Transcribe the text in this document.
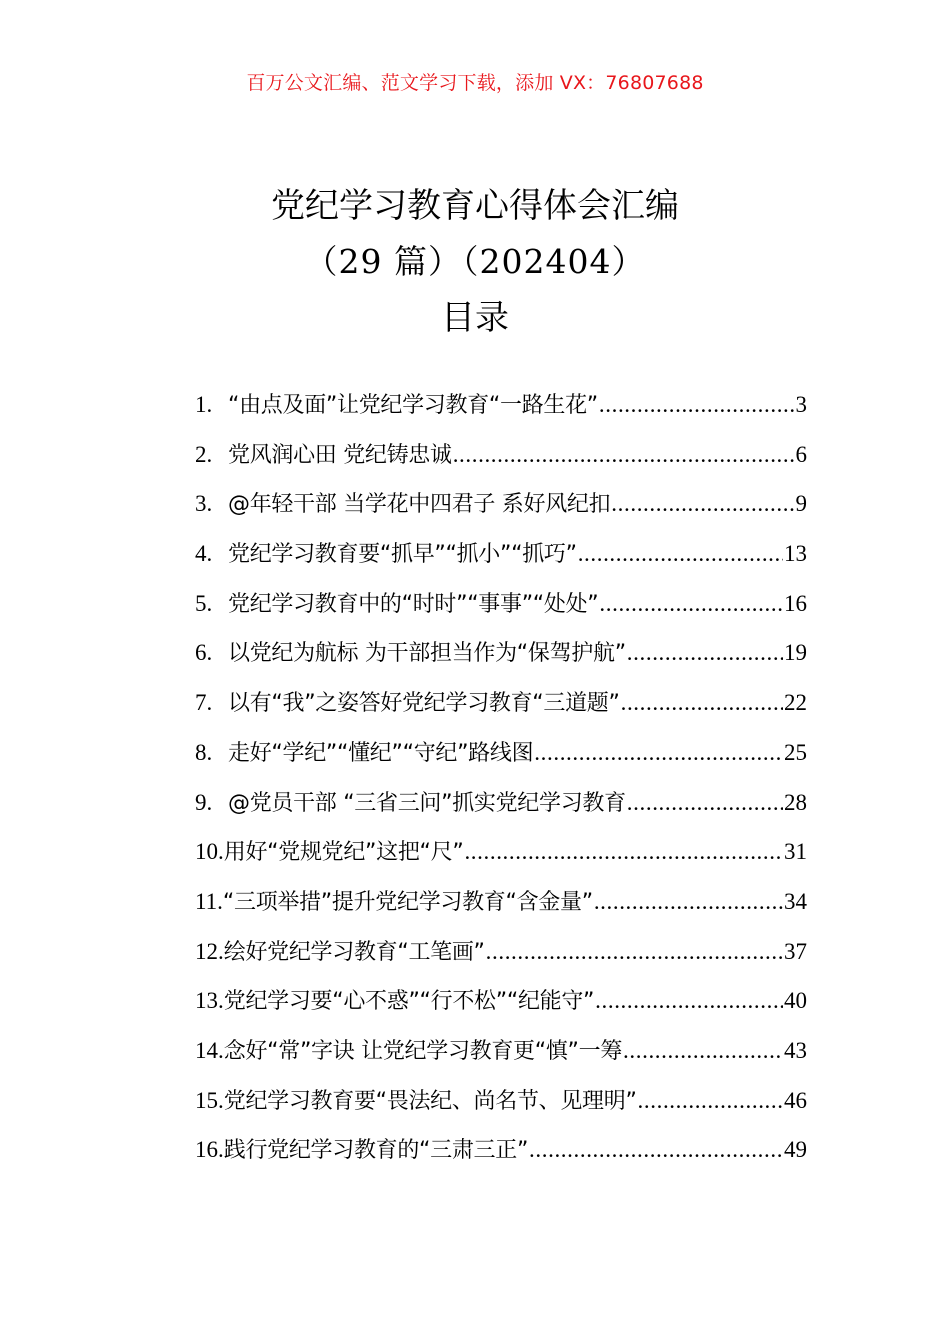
百万公文汇编、范文学习下载，添加 VX：76807688
党纪学习教育心得体会汇编
（29 篇）（202404）
目录
1. “由点及面”让党纪学习教育“一路生花” .....	3
2. 党风润心田 党纪铸忠诚 .....	6
3. @年轻干部 当学花中四君子 系好风纪扣 .....	9
4. 党纪学习教育要“抓早”“抓小”“抓巧” .....	13
5. 党纪学习教育中的“时时”“事事”“处处” .....	16
6. 以党纪为航标 为干部担当作为“保驾护航” .....	19
7. 以有“我”之姿答好党纪学习教育“三道题” .....	22
8. 走好“学纪”“懂纪”“守纪”路线图 .....	25
9. @党员干部 “三省三问”抓实党纪学习教育 .....	28
10. 用好“党规党纪”这把“尺” .....	31
11. “三项举措”提升党纪学习教育“含金量” .....	34
12. 绘好党纪学习教育“工笔画” .....	37
13. 党纪学习要“心不惑”“行不松”“纪能守” .....	40
14. 念好“常”字诀 让党纪学习教育更“慎”一筹 .....	43
15. 党纪学习教育要“畏法纪、尚名节、见理明” .....	46
16. 践行党纪学习教育的“三肃三正” .....	49
